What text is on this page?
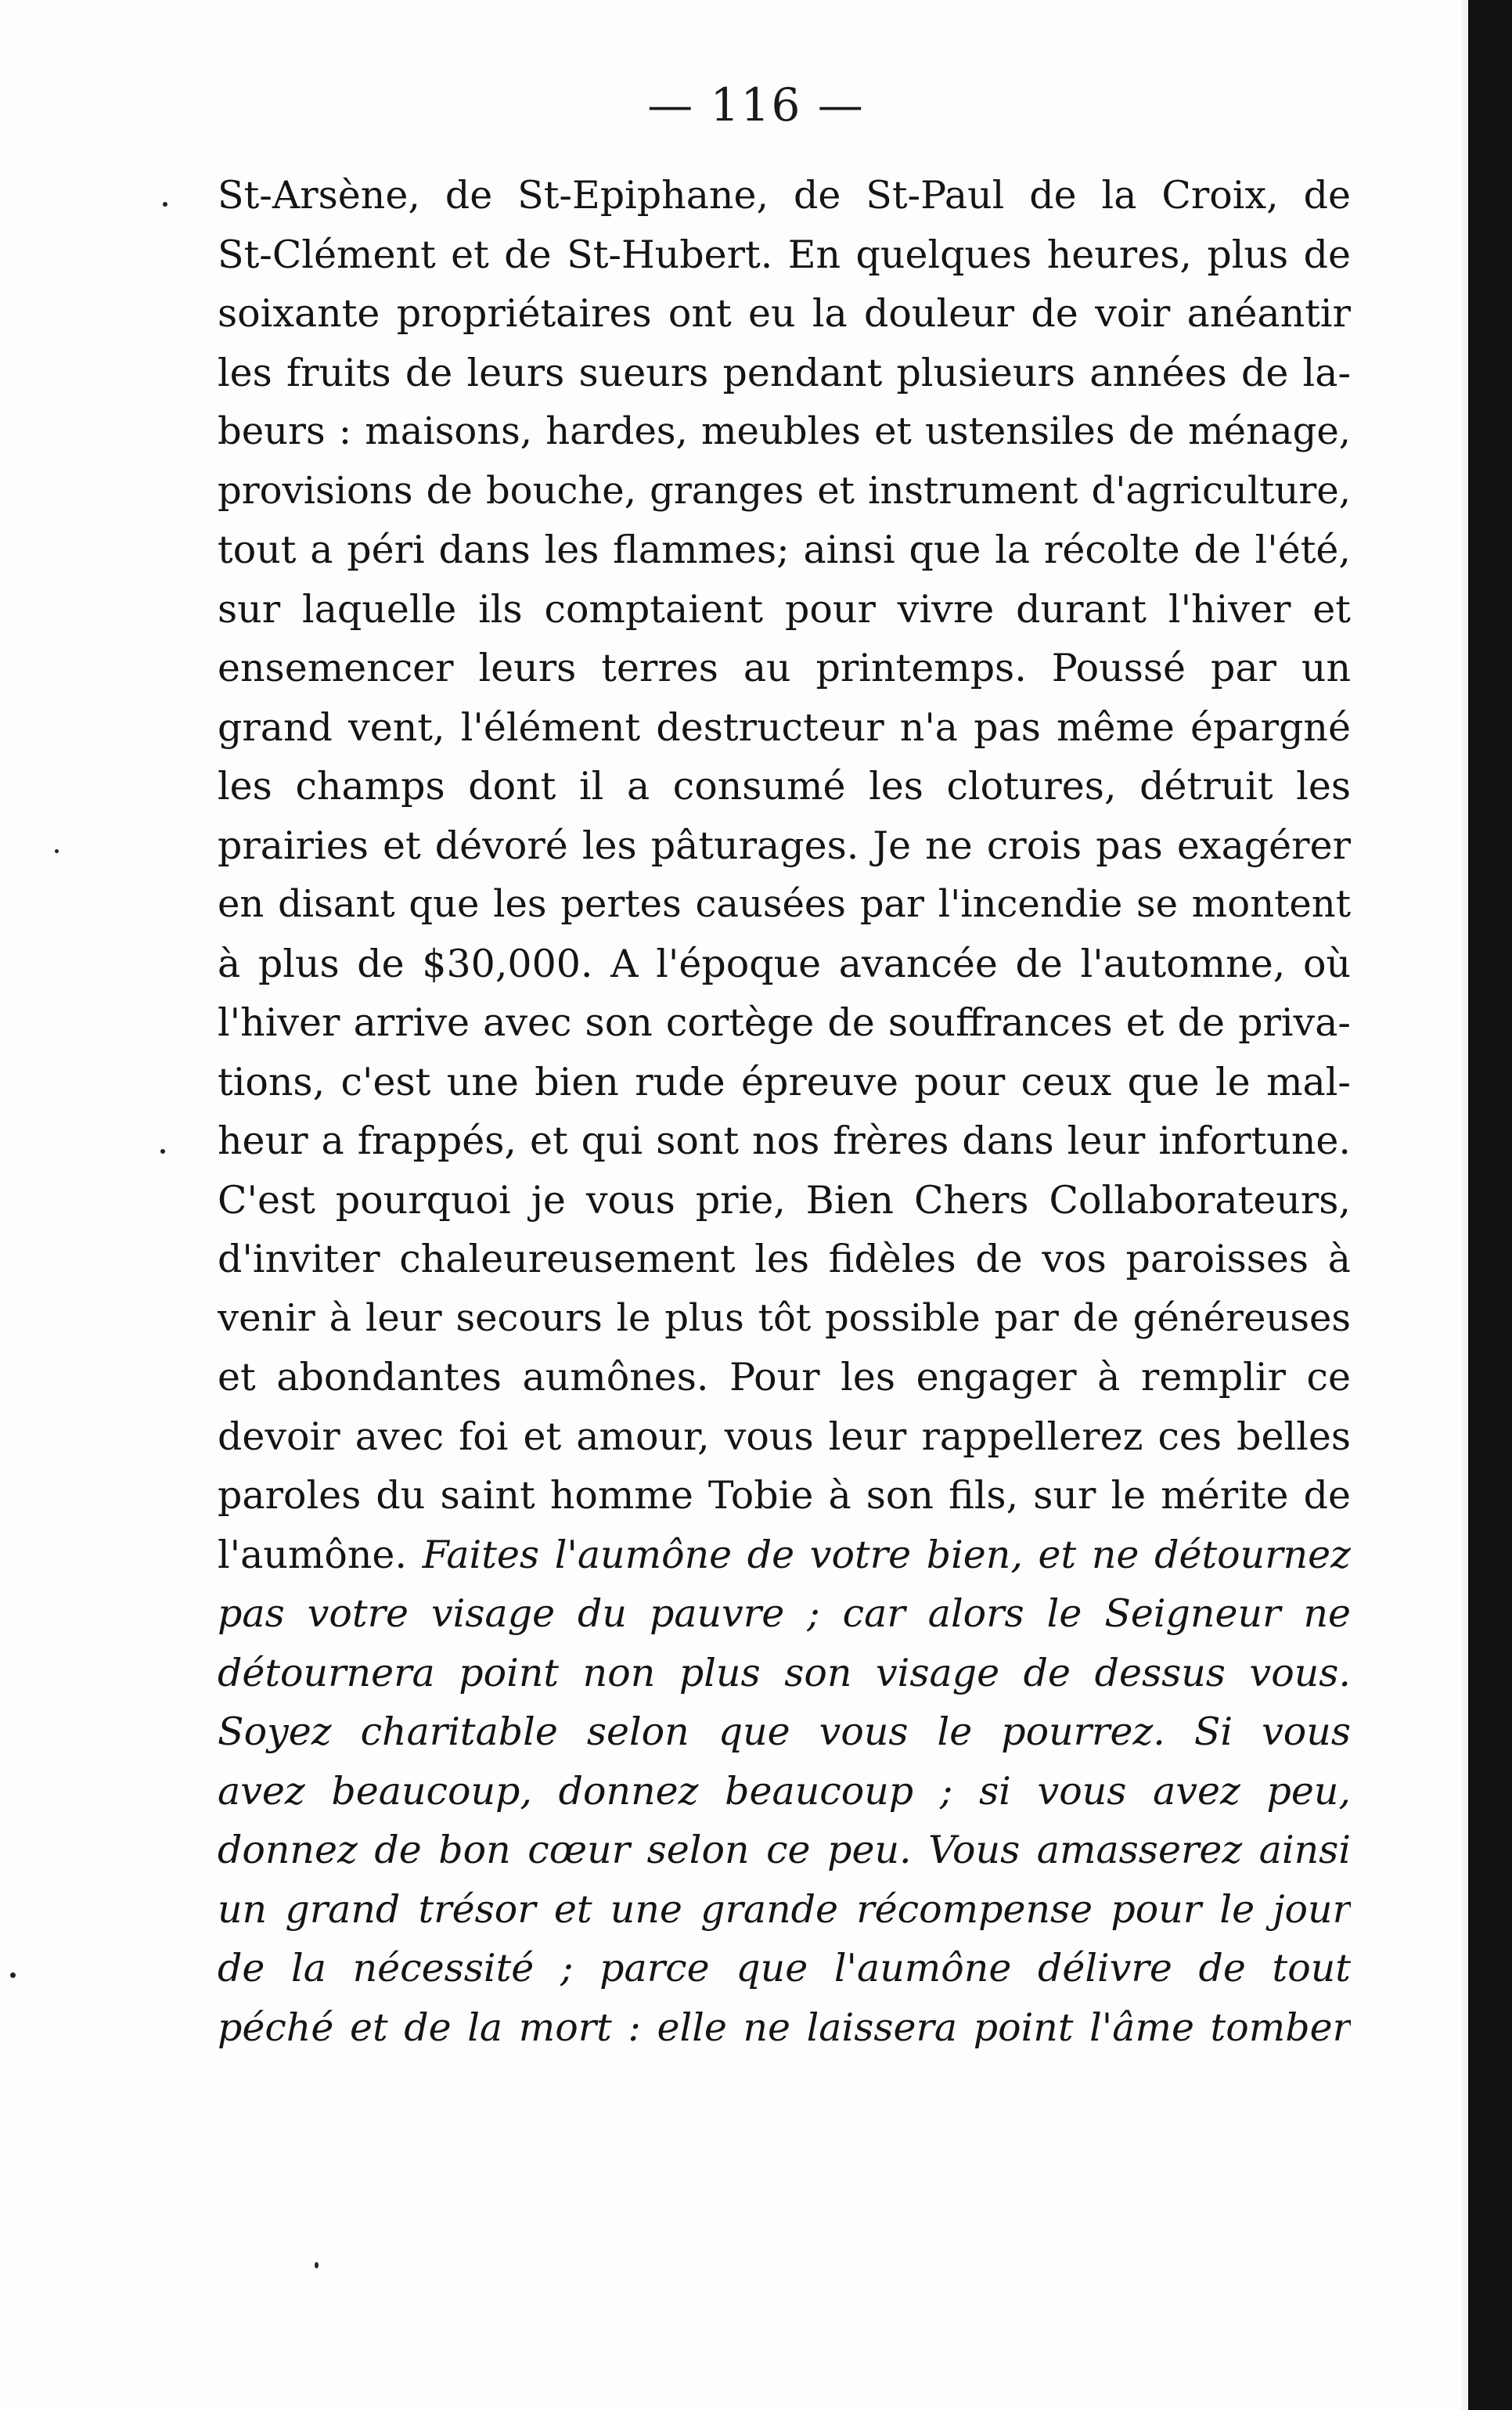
— 116 —
St-Arsène, de St-Epiphane, de St-Paul de la Croix, de
St-Clément et de St-Hubert. En quelques heures, plus de
soixante propriétaires ont eu la douleur de voir anéantir
les fruits de leurs sueurs pendant plusieurs années de la-
beurs : maisons, hardes, meubles et ustensiles de ménage,
provisions de bouche, granges et instrument d'agriculture,
tout a péri dans les flammes; ainsi que la récolte de l'été,
sur laquelle ils comptaient pour vivre durant l'hiver et
ensemencer leurs terres au printemps. Poussé par un
grand vent, l'élément destructeur n'a pas même épargné
les champs dont il a consumé les clotures, détruit les
prairies et dévoré les pâturages. Je ne crois pas exagérer
en disant que les pertes causées par l'incendie se montent
à plus de $30,000. A l'époque avancée de l'automne, où
l'hiver arrive avec son cortège de souffrances et de priva-
tions, c'est une bien rude épreuve pour ceux que le mal-
heur a frappés, et qui sont nos frères dans leur infortune.
C'est pourquoi je vous prie, Bien Chers Collaborateurs,
d'inviter chaleureusement les fidèles de vos paroisses à
venir à leur secours le plus tôt possible par de généreuses
et abondantes aumônes. Pour les engager à remplir ce
devoir avec foi et amour, vous leur rappellerez ces belles
paroles du saint homme Tobie à son fils, sur le mérite de
l'aumône. Faites l'aumône de votre bien, et ne détournez
pas votre visage du pauvre ; car alors le Seigneur ne
détournera point non plus son visage de dessus vous.
Soyez charitable selon que vous le pourrez. Si vous
avez beaucoup, donnez beaucoup ; si vous avez peu,
donnez de bon cœur selon ce peu. Vous amasserez ainsi
un grand trésor et une grande récompense pour le jour
de la nécessité ; parce que l'aumône délivre de tout
péché et de la mort : elle ne laissera point l'âme tomber
